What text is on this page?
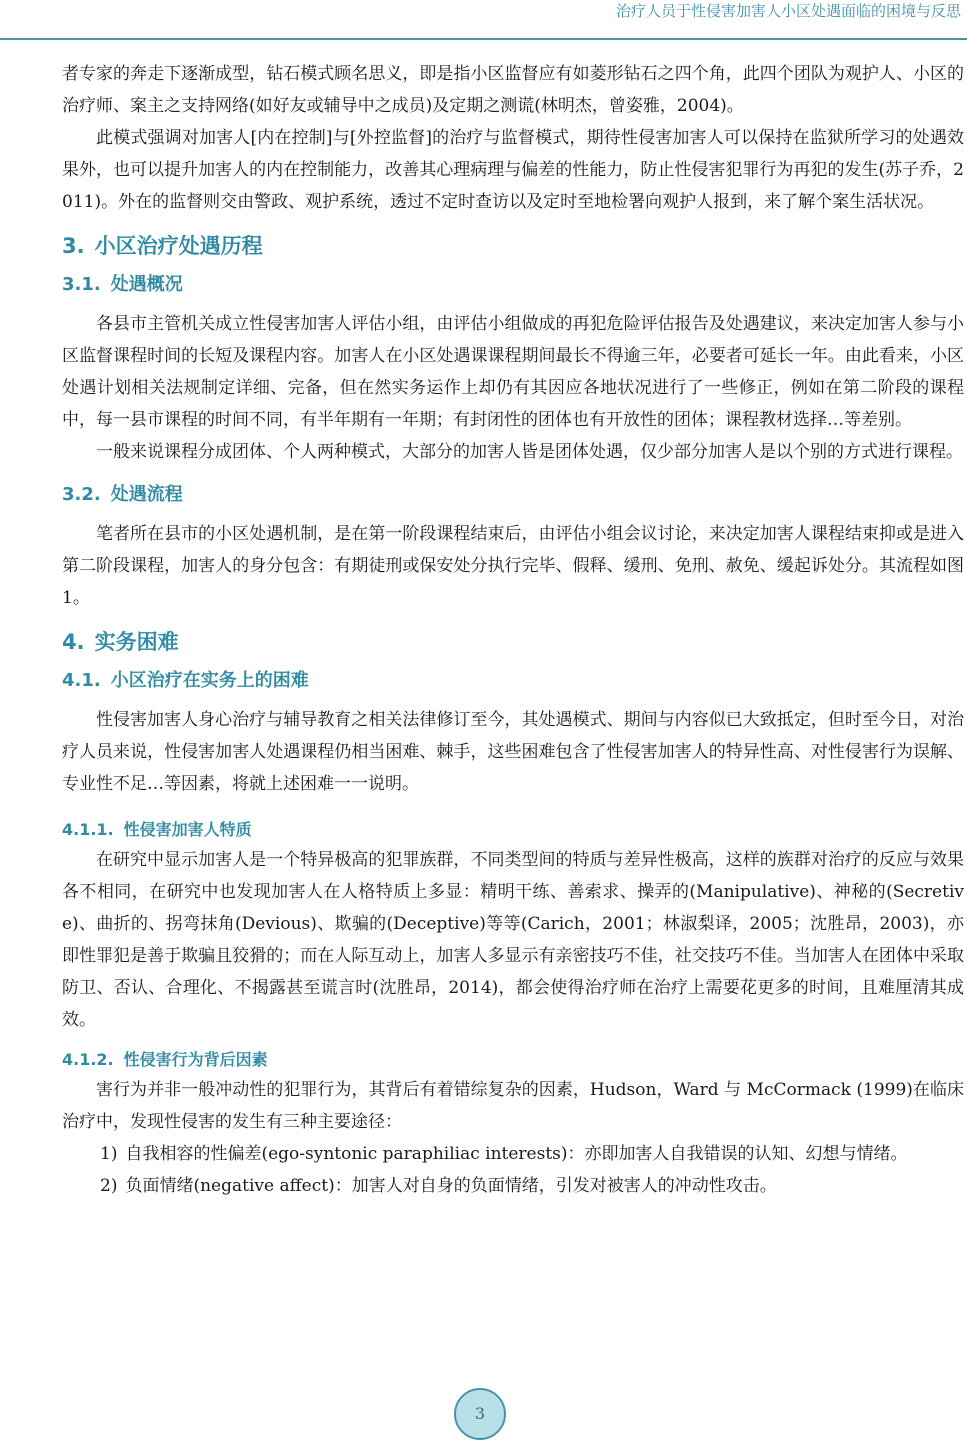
治疗人员于性侵害加害人小区处遇面临的困境与反思

者专家的奔走下逐渐成型，钻石模式顾名思义，即是指小区监督应有如菱形钻石之四个角，此四个团队为观护人、小区的治疗师、案主之支持网络(如好友或辅导中之成员)及定期之测谎(林明杰，曾姿雅，2004)。

此模式强调对加害人[内在控制]与[外控监督]的治疗与监督模式，期待性侵害加害人可以保持在监狱所学习的处遇效果外，也可以提升加害人的内在控制能力，改善其心理病理与偏差的性能力，防止性侵害犯罪行为再犯的发生(苏子乔，2011)。外在的监督则交由警政、观护系统，透过不定时查访以及定时至地检署向观护人报到，来了解个案生活状况。

3. 小区治疗处遇历程
3.1. 处遇概况

各县市主管机关成立性侵害加害人评估小组，由评估小组做成的再犯危险评估报告及处遇建议，来决定加害人参与小区监督课程时间的长短及课程内容。加害人在小区处遇课课程期间最长不得逾三年，必要者可延长一年。由此看来，小区处遇计划相关法规制定详细、完备，但在然实务运作上却仍有其因应各地状况进行了一些修正，例如在第二阶段的课程中，每一县市课程的时间不同，有半年期有一年期；有封闭性的团体也有开放性的团体；课程教材选择…等差别。

一般来说课程分成团体、个人两种模式，大部分的加害人皆是团体处遇，仅少部分加害人是以个别的方式进行课程。

3.2. 处遇流程

笔者所在县市的小区处遇机制，是在第一阶段课程结束后，由评估小组会议讨论，来决定加害人课程结束抑或是进入第二阶段课程，加害人的身分包含：有期徒刑或保安处分执行完毕、假释、缓刑、免刑、赦免、缓起诉处分。其流程如图 1。

4. 实务困难
4.1. 小区治疗在实务上的困难

性侵害加害人身心治疗与辅导教育之相关法律修订至今，其处遇模式、期间与内容似已大致抵定，但时至今日，对治疗人员来说，性侵害加害人处遇课程仍相当困难、棘手，这些困难包含了性侵害加害人的特异性高、对性侵害行为误解、专业性不足…等因素，将就上述困难一一说明。

4.1.1. 性侵害加害人特质

在研究中显示加害人是一个特异极高的犯罪族群，不同类型间的特质与差异性极高，这样的族群对治疗的反应与效果各不相同，在研究中也发现加害人在人格特质上多显：精明干练、善索求、操弄的(Manipulative)、神秘的(Secretive)、曲折的、拐弯抹角(Devious)、欺骗的(Deceptive)等等(Carich，2001；林淑梨译，2005；沈胜昂，2003)，亦即性罪犯是善于欺骗且狡猾的；而在人际互动上，加害人多显示有亲密技巧不佳，社交技巧不佳。当加害人在团体中采取防卫、否认、合理化、不揭露甚至谎言时(沈胜昂，2014)，都会使得治疗师在治疗上需要花更多的时间，且难厘清其成效。

4.1.2. 性侵害行为背后因素

害行为并非一般冲动性的犯罪行为，其背后有着错综复杂的因素，Hudson，Ward 与 McCormack (1999)在临床治疗中，发现性侵害的发生有三种主要途径：

1) 自我相容的性偏差(ego-syntonic paraphiliac interests)：亦即加害人自我错误的认知、幻想与情绪。
2) 负面情绪(negative affect)：加害人对自身的负面情绪，引发对被害人的冲动性攻击。
3
